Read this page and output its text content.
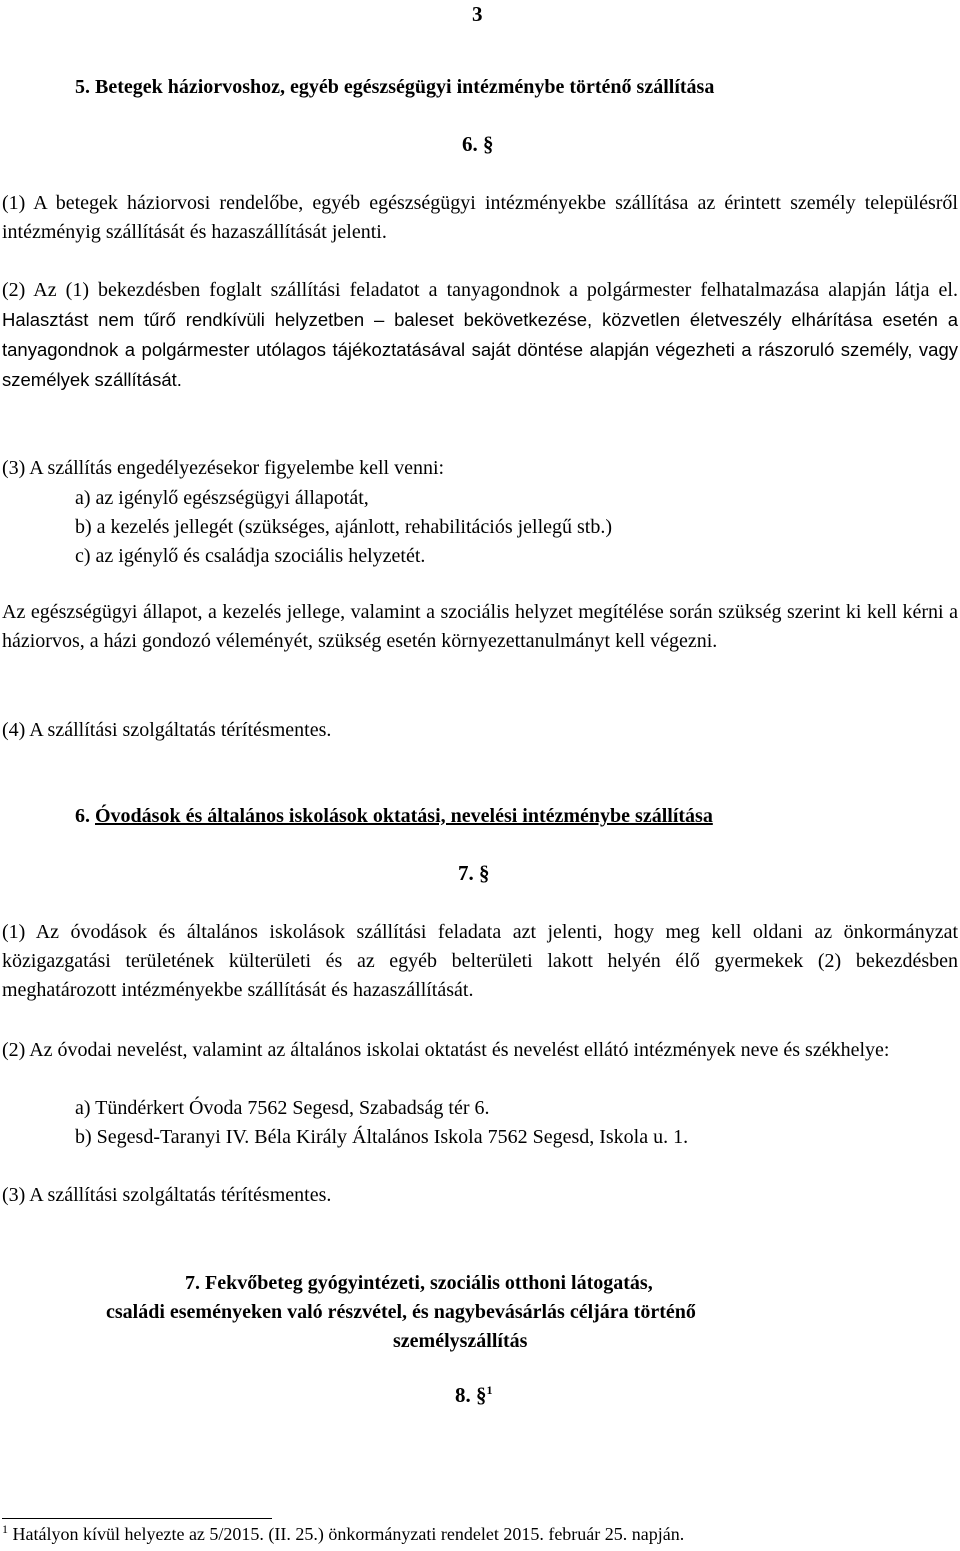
3
5. Betegek háziorvoshoz, egyéb egészségügyi intézménybe történő szállítása
6. §
(1) A betegek háziorvosi rendelőbe, egyéb egészségügyi intézményekbe szállítása az érintett személy településről intézményig szállítását és hazaszállítását jelenti.
(2) Az (1) bekezdésben foglalt szállítási feladatot a tanyagondnok a polgármester felhatalmazása alapján látja el. Halasztást nem tűrő rendkívüli helyzetben – baleset bekövetkezése, közvetlen életveszély elhárítása esetén a tanyagondnok a polgármester utólagos tájékoztatásával saját döntése alapján végezheti a rászoruló személy, vagy személyek szállítását.
(3) A szállítás engedélyezésekor figyelembe kell venni:
a) az igénylő egészségügyi állapotát,
b) a kezelés jellegét (szükséges, ajánlott, rehabilitációs jellegű stb.)
c) az igénylő és családja szociális helyzetét.
Az egészségügyi állapot, a kezelés jellege, valamint a szociális helyzet megítélése során szükség szerint ki kell kérni a háziorvos, a házi gondozó véleményét, szükség esetén környezettanulmányt kell végezni.
(4) A szállítási szolgáltatás térítésmentes.
6. Óvodások és általános iskolások oktatási, nevelési intézménybe szállítása
7. §
(1) Az óvodások és általános iskolások szállítási feladata azt jelenti, hogy meg kell oldani az önkormányzat közigazgatási területének külterületi és az egyéb belterületi lakott helyén élő gyermekek (2) bekezdésben meghatározott intézményekbe szállítását és hazaszállítását.
(2) Az óvodai nevelést, valamint az általános iskolai oktatást és nevelést ellátó intézmények neve és székhelye:
a) Tündérkert Óvoda 7562 Segesd, Szabadság tér 6.
b) Segesd-Taranyi IV. Béla Király Általános Iskola 7562 Segesd, Iskola u. 1.
(3) A szállítási szolgáltatás térítésmentes.
7. Fekvőbeteg gyógyintézeti, szociális otthoni látogatás,
családi eseményeken való részvétel, és nagybevásárlás céljára történő
személyszállítás
8. §$^1$
$^1$ Hatályon kívül helyezte az 5/2015. (II. 25.) önkormányzati rendelet 2015. február 25. napján.
